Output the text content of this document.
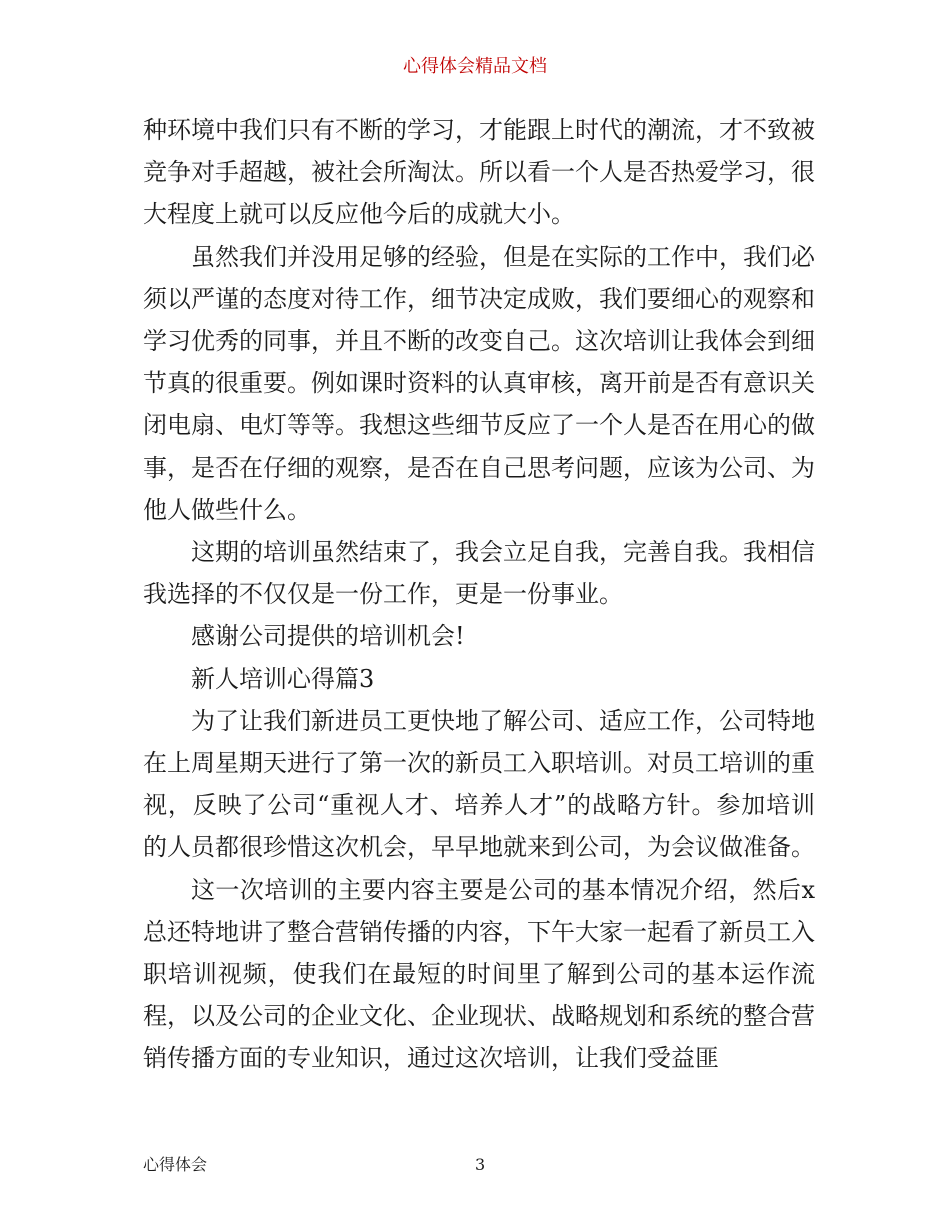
心得体会精品文档

种环境中我们只有不断的学习，才能跟上时代的潮流，才不致被竞争对手超越，被社会所淘汰。所以看一个人是否热爱学习，很大程度上就可以反应他今后的成就大小。

虽然我们并没用足够的经验，但是在实际的工作中，我们必须以严谨的态度对待工作，细节决定成败，我们要细心的观察和学习优秀的同事，并且不断的改变自己。这次培训让我体会到细节真的很重要。例如课时资料的认真审核，离开前是否有意识关闭电扇、电灯等等。我想这些细节反应了一个人是否在用心的做事，是否在仔细的观察，是否在自己思考问题，应该为公司、为他人做些什么。

这期的培训虽然结束了，我会立足自我，完善自我。我相信我选择的不仅仅是一份工作，更是一份事业。

感谢公司提供的培训机会!

新人培训心得篇3

为了让我们新进员工更快地了解公司、适应工作，公司特地在上周星期天进行了第一次的新员工入职培训。对员工培训的重视，反映了公司“重视人才、培养人才”的战略方针。参加培训的人员都很珍惜这次机会，早早地就来到公司，为会议做准备。

这一次培训的主要内容主要是公司的基本情况介绍，然后x总还特地讲了整合营销传播的内容，下午大家一起看了新员工入职培训视频，使我们在最短的时间里了解到公司的基本运作流程，以及公司的企业文化、企业现状、战略规划和系统的整合营销传播方面的专业知识，通过这次培训，让我们受益匪

心得体会	3
